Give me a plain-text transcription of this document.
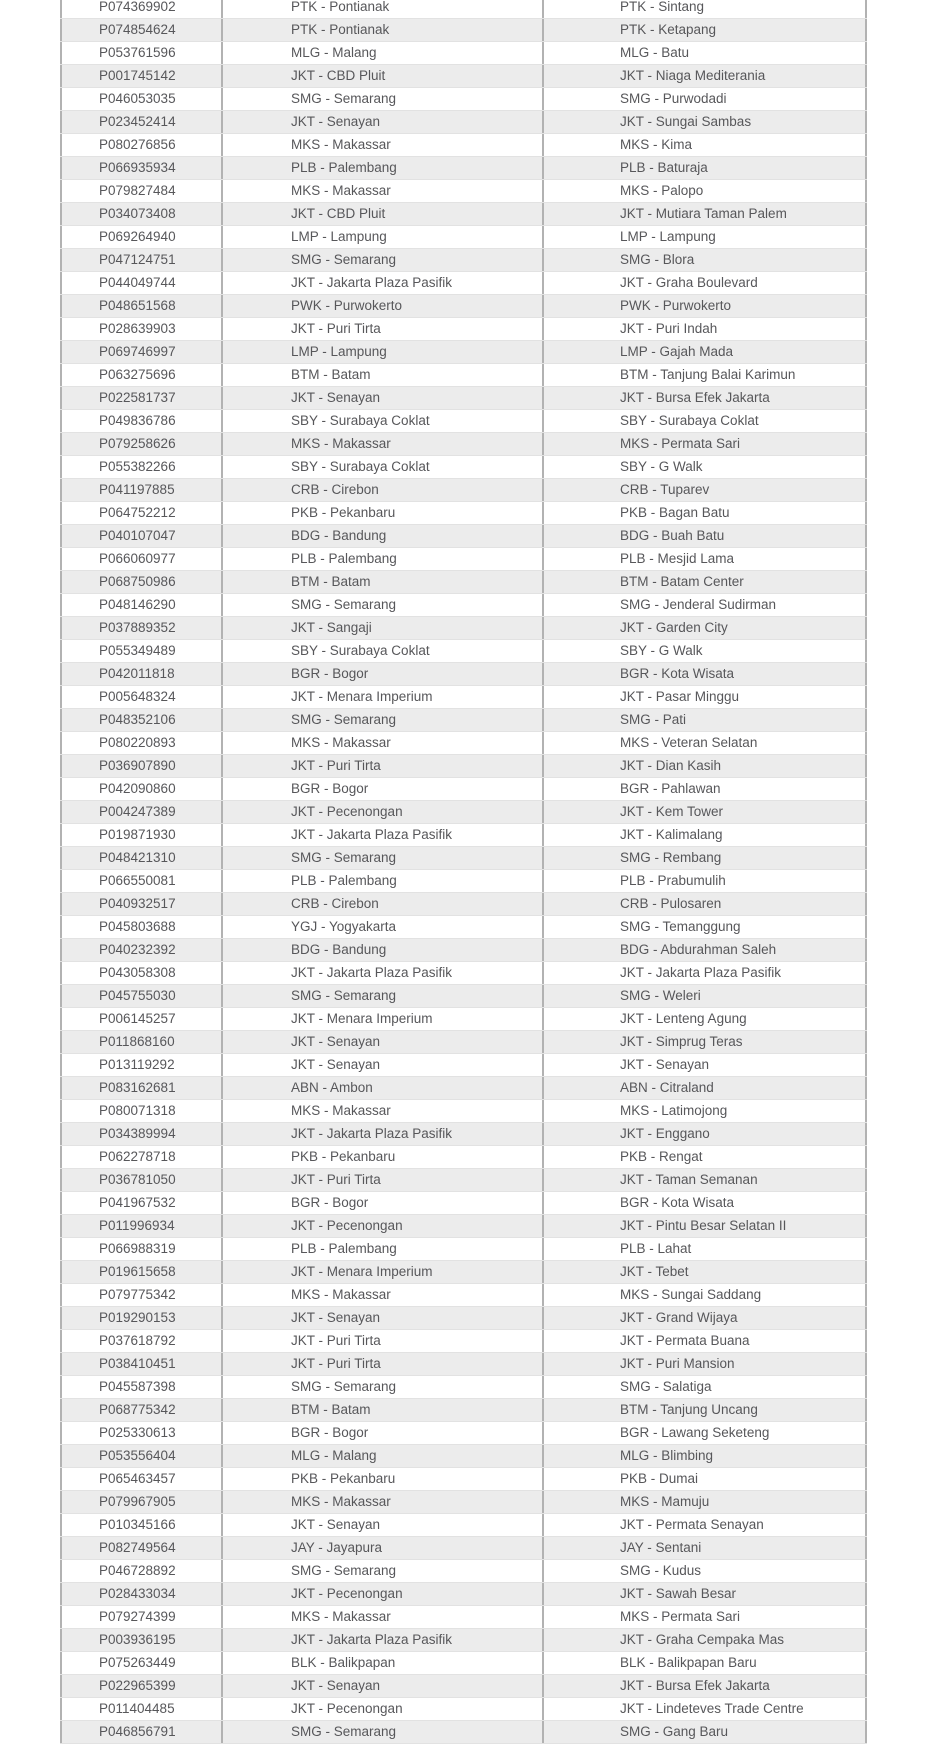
P074369902	PTK - Pontianak	PTK - Sintang
P074854624	PTK - Pontianak	PTK - Ketapang
P053761596	MLG - Malang	MLG - Batu
P001745142	JKT - CBD Pluit	JKT - Niaga Mediterania
P046053035	SMG - Semarang	SMG - Purwodadi
P023452414	JKT - Senayan	JKT - Sungai Sambas
P080276856	MKS - Makassar	MKS - Kima
P066935934	PLB - Palembang	PLB - Baturaja
P079827484	MKS - Makassar	MKS - Palopo
P034073408	JKT - CBD Pluit	JKT - Mutiara Taman Palem
P069264940	LMP - Lampung	LMP - Lampung
P047124751	SMG - Semarang	SMG - Blora
P044049744	JKT - Jakarta Plaza Pasifik	JKT - Graha Boulevard
P048651568	PWK - Purwokerto	PWK - Purwokerto
P028639903	JKT - Puri Tirta	JKT - Puri Indah
P069746997	LMP - Lampung	LMP - Gajah Mada
P063275696	BTM - Batam	BTM - Tanjung Balai Karimun
P022581737	JKT - Senayan	JKT - Bursa Efek Jakarta
P049836786	SBY - Surabaya Coklat	SBY - Surabaya Coklat
P079258626	MKS - Makassar	MKS - Permata Sari
P055382266	SBY - Surabaya Coklat	SBY - G Walk
P041197885	CRB - Cirebon	CRB - Tuparev
P064752212	PKB - Pekanbaru	PKB - Bagan Batu
P040107047	BDG - Bandung	BDG - Buah Batu
P066060977	PLB - Palembang	PLB - Mesjid Lama
P068750986	BTM - Batam	BTM - Batam Center
P048146290	SMG - Semarang	SMG - Jenderal Sudirman
P037889352	JKT - Sangaji	JKT - Garden City
P055349489	SBY - Surabaya Coklat	SBY - G Walk
P042011818	BGR - Bogor	BGR - Kota Wisata
P005648324	JKT - Menara Imperium	JKT - Pasar Minggu
P048352106	SMG - Semarang	SMG - Pati
P080220893	MKS - Makassar	MKS - Veteran Selatan
P036907890	JKT - Puri Tirta	JKT - Dian Kasih
P042090860	BGR - Bogor	BGR - Pahlawan
P004247389	JKT - Pecenongan	JKT - Kem Tower
P019871930	JKT - Jakarta Plaza Pasifik	JKT - Kalimalang
P048421310	SMG - Semarang	SMG - Rembang
P066550081	PLB - Palembang	PLB - Prabumulih
P040932517	CRB - Cirebon	CRB - Pulosaren
P045803688	YGJ - Yogyakarta	SMG - Temanggung
P040232392	BDG - Bandung	BDG - Abdurahman Saleh
P043058308	JKT - Jakarta Plaza Pasifik	JKT - Jakarta Plaza Pasifik
P045755030	SMG - Semarang	SMG - Weleri
P006145257	JKT - Menara Imperium	JKT - Lenteng Agung
P011868160	JKT - Senayan	JKT - Simprug Teras
P013119292	JKT - Senayan	JKT - Senayan
P083162681	ABN - Ambon	ABN - Citraland
P080071318	MKS - Makassar	MKS - Latimojong
P034389994	JKT - Jakarta Plaza Pasifik	JKT - Enggano
P062278718	PKB - Pekanbaru	PKB - Rengat
P036781050	JKT - Puri Tirta	JKT - Taman Semanan
P041967532	BGR - Bogor	BGR - Kota Wisata
P011996934	JKT - Pecenongan	JKT - Pintu Besar Selatan II
P066988319	PLB - Palembang	PLB - Lahat
P019615658	JKT - Menara Imperium	JKT - Tebet
P079775342	MKS - Makassar	MKS - Sungai Saddang
P019290153	JKT - Senayan	JKT - Grand Wijaya
P037618792	JKT - Puri Tirta	JKT - Permata Buana
P038410451	JKT - Puri Tirta	JKT - Puri Mansion
P045587398	SMG - Semarang	SMG - Salatiga
P068775342	BTM - Batam	BTM - Tanjung Uncang
P025330613	BGR - Bogor	BGR - Lawang Seketeng
P053556404	MLG - Malang	MLG - Blimbing
P065463457	PKB - Pekanbaru	PKB - Dumai
P079967905	MKS - Makassar	MKS - Mamuju
P010345166	JKT - Senayan	JKT - Permata Senayan
P082749564	JAY - Jayapura	JAY - Sentani
P046728892	SMG - Semarang	SMG - Kudus
P028433034	JKT - Pecenongan	JKT - Sawah Besar
P079274399	MKS - Makassar	MKS - Permata Sari
P003936195	JKT - Jakarta Plaza Pasifik	JKT - Graha Cempaka Mas
P075263449	BLK - Balikpapan	BLK - Balikpapan Baru
P022965399	JKT - Senayan	JKT - Bursa Efek Jakarta
P011404485	JKT - Pecenongan	JKT - Lindeteves Trade Centre
P046856791	SMG - Semarang	SMG - Gang Baru
